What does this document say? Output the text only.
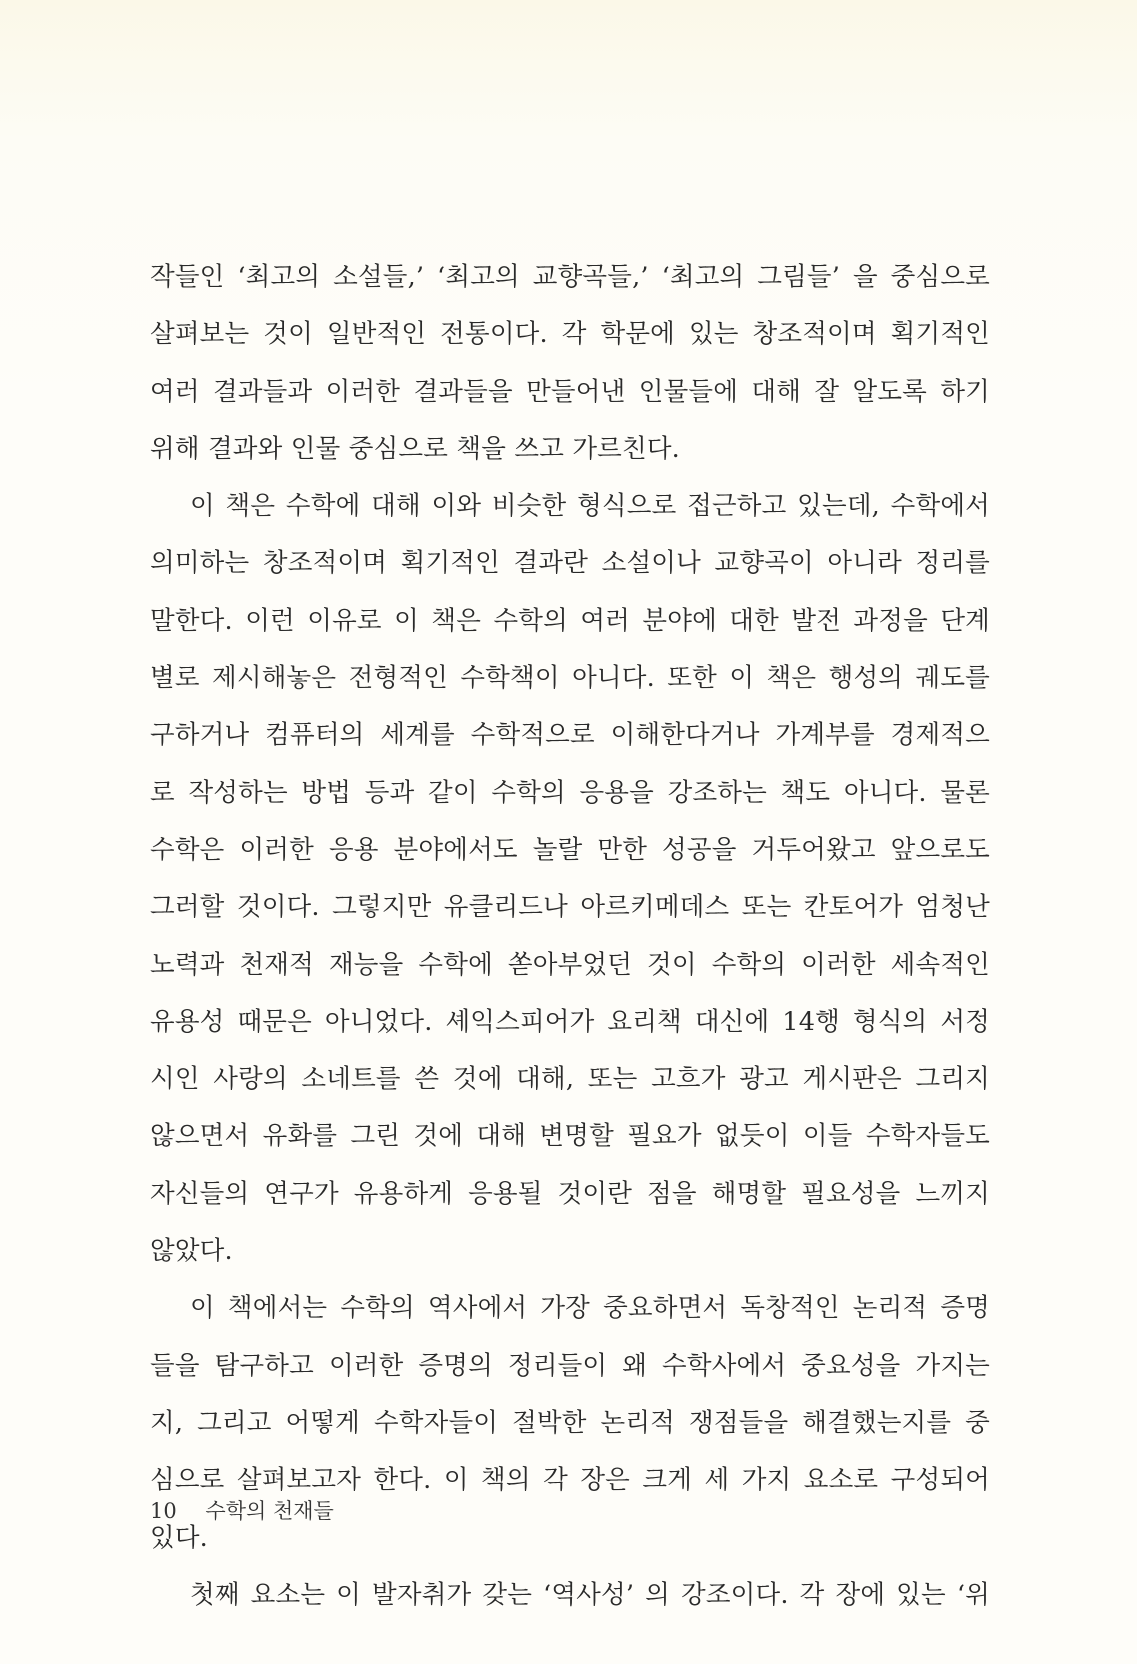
작들인 ‘최고의 소설들,’ ‘최고의 교향곡들,’ ‘최고의 그림들’ 을 중심으로
살펴보는 것이 일반적인 전통이다. 각 학문에 있는 창조적이며 획기적인
여러 결과들과 이러한 결과들을 만들어낸 인물들에 대해 잘 알도록 하기
위해 결과와 인물 중심으로 책을 쓰고 가르친다.
이 책은 수학에 대해 이와 비슷한 형식으로 접근하고 있는데, 수학에서
의미하는 창조적이며 획기적인 결과란 소설이나 교향곡이 아니라 정리를
말한다. 이런 이유로 이 책은 수학의 여러 분야에 대한 발전 과정을 단계
별로 제시해놓은 전형적인 수학책이 아니다. 또한 이 책은 행성의 궤도를
구하거나 컴퓨터의 세계를 수학적으로 이해한다거나 가계부를 경제적으
로 작성하는 방법 등과 같이 수학의 응용을 강조하는 책도 아니다. 물론
수학은 이러한 응용 분야에서도 놀랄 만한 성공을 거두어왔고 앞으로도
그러할 것이다. 그렇지만 유클리드나 아르키메데스 또는 칸토어가 엄청난
노력과 천재적 재능을 수학에 쏟아부었던 것이 수학의 이러한 세속적인
유용성 때문은 아니었다. 셰익스피어가 요리책 대신에 14행 형식의 서정
시인 사랑의 소네트를 쓴 것에 대해, 또는 고흐가 광고 게시판은 그리지
않으면서 유화를 그린 것에 대해 변명할 필요가 없듯이 이들 수학자들도
자신들의 연구가 유용하게 응용될 것이란 점을 해명할 필요성을 느끼지
않았다.
이 책에서는 수학의 역사에서 가장 중요하면서 독창적인 논리적 증명
들을 탐구하고 이러한 증명의 정리들이 왜 수학사에서 중요성을 가지는
지, 그리고 어떻게 수학자들이 절박한 논리적 쟁점들을 해결했는지를 중
심으로 살펴보고자 한다. 이 책의 각 장은 크게 세 가지 요소로 구성되어
있다.
첫째 요소는 이 발자취가 갖는 ‘역사성’ 의 강조이다. 각 장에 있는 ‘위
10 수학의 천재들
